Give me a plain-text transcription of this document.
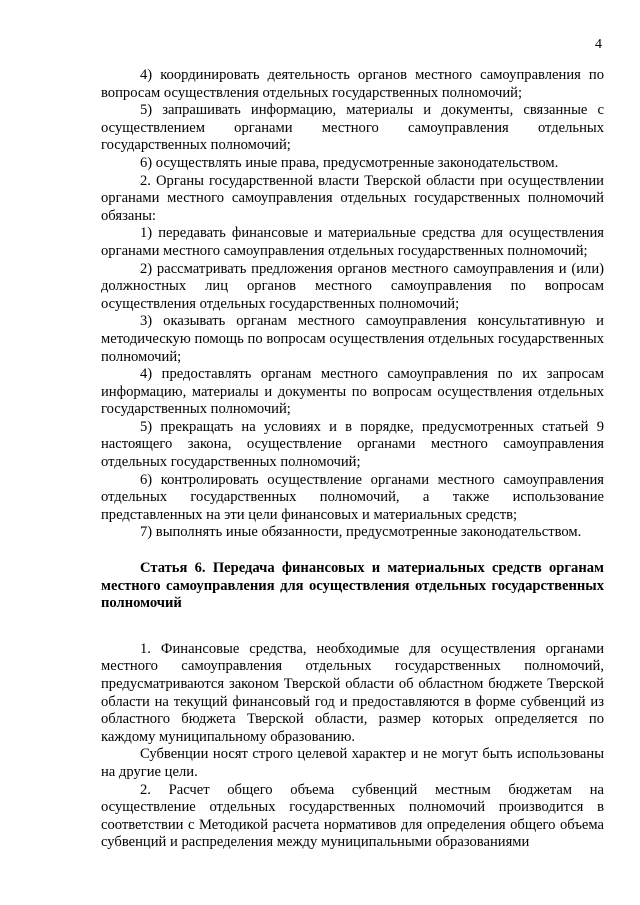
4

4) координировать деятельность органов местного самоуправления по вопросам осуществления отдельных государственных полномочий;

5) запрашивать информацию, материалы и документы, связанные с осуществлением органами местного самоуправления отдельных государственных полномочий;

6) осуществлять иные права, предусмотренные законодательством.

2. Органы государственной власти Тверской области при осуществлении органами местного самоуправления отдельных государственных полномочий обязаны:

1) передавать финансовые и материальные средства для осуществления органами местного самоуправления отдельных государственных полномочий;

2) рассматривать предложения органов местного самоуправления и (или) должностных лиц органов местного самоуправления по вопросам осуществления отдельных государственных полномочий;

3) оказывать органам местного самоуправления консультативную и методическую помощь по вопросам осуществления отдельных государственных полномочий;

4) предоставлять органам местного самоуправления по их запросам информацию, материалы и документы по вопросам осуществления отдельных государственных полномочий;

5) прекращать на условиях и в порядке, предусмотренных статьей 9 настоящего закона, осуществление органами местного самоуправления отдельных государственных полномочий;

6) контролировать осуществление органами местного самоуправления отдельных государственных полномочий, а также использование представленных на эти цели финансовых и материальных средств;

7) выполнять иные обязанности, предусмотренные законодательством.

Статья 6. Передача финансовых и материальных средств органам местного самоуправления для осуществления отдельных государственных полномочий

1. Финансовые средства, необходимые для осуществления органами местного самоуправления отдельных государственных полномочий, предусматриваются законом Тверской области об областном бюджете Тверской области на текущий финансовый год и предоставляются в форме субвенций из областного бюджета Тверской области, размер которых определяется по каждому муниципальному образованию.

Субвенции носят строго целевой характер и не могут быть использованы на другие цели.

2. Расчет общего объема субвенций местным бюджетам на осуществление отдельных государственных полномочий производится в соответствии с Методикой расчета нормативов для определения общего объема субвенций и распределения между муниципальными образованиями
